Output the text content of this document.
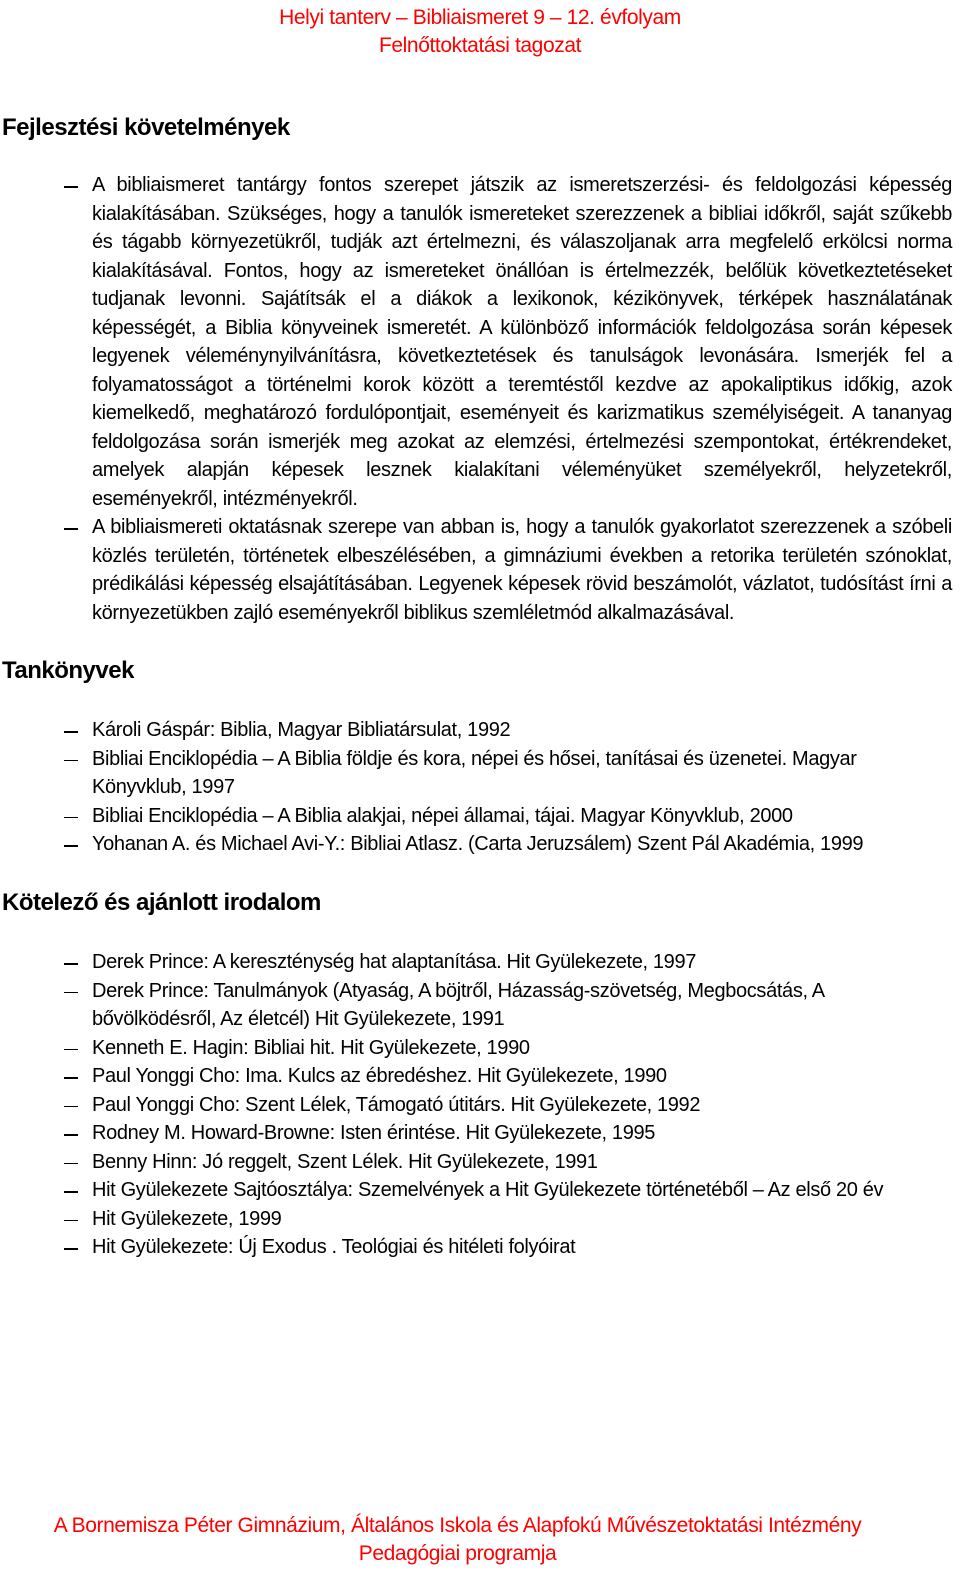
Helyi tanterv – Bibliaismeret 9 – 12. évfolyam
Felnőttoktatási tagozat
Fejlesztési követelmények
A bibliaismeret tantárgy fontos szerepet játszik az ismeretszerzési- és feldolgozási képesség kialakításában. Szükséges, hogy a tanulók ismereteket szerezzenek a bibliai időkről, saját szűkebb és tágabb környezetükről, tudják azt értelmezni, és válaszoljanak arra megfelelő erkölcsi norma kialakításával. Fontos, hogy az ismereteket önállóan is értelmezzék, belőlük következtetéseket tudjanak levonni. Sajátítsák el a diákok a lexikonok, kézikönyvek, térképek használatának képességét, a Biblia könyveinek ismeretét. A különböző információk feldolgozása során képesek legyenek véleménynyilvánításra, következtetések és tanulságok levonására. Ismerjék fel a folyamatosságot a történelmi korok között a teremtéstől kezdve az apokaliptikus időkig, azok kiemelkedő, meghatározó fordulópontjait, eseményeit és karizmatikus személyiségeit. A tananyag feldolgozása során ismerjék meg azokat az elemzési, értelmezési szempontokat, értékrendeket, amelyek alapján képesek lesznek kialakítani véleményüket személyekről, helyzetekről, eseményekről, intézményekről.
A bibliaismereti oktatásnak szerepe van abban is, hogy a tanulók gyakorlatot szerezzenek a szóbeli közlés területén, történetek elbeszélésében, a gimnáziumi években a retorika területén szónoklat, prédikálási képesség elsajátításában. Legyenek képesek rövid beszámolót, vázlatot, tudósítást írni a környezetükben zajló eseményekről biblikus szemléletmód alkalmazásával.
Tankönyvek
Károli Gáspár: Biblia, Magyar Bibliatársulat, 1992
Bibliai Enciklopédia – A Biblia földje és kora, népei és hősei, tanításai és üzenetei. Magyar Könyvklub, 1997
Bibliai Enciklopédia – A Biblia alakjai, népei államai, tájai. Magyar Könyvklub, 2000
Yohanan A. és Michael Avi-Y.: Bibliai Atlasz. (Carta Jeruzsálem) Szent Pál Akadémia, 1999
Kötelező és ajánlott irodalom
Derek Prince: A kereszténység hat alaptanítása. Hit Gyülekezete, 1997
Derek Prince: Tanulmányok (Atyaság, A böjtről, Házasság-szövetség, Megbocsátás, A bővölködésről, Az életcél) Hit Gyülekezete, 1991
Kenneth E. Hagin: Bibliai hit. Hit Gyülekezete, 1990
Paul Yonggi Cho: Ima. Kulcs az ébredéshez. Hit Gyülekezete, 1990
Paul Yonggi Cho: Szent Lélek, Támogató útitárs. Hit Gyülekezete, 1992
Rodney M. Howard-Browne: Isten érintése. Hit Gyülekezete, 1995
Benny Hinn: Jó reggelt, Szent Lélek. Hit Gyülekezete, 1991
Hit Gyülekezete Sajtóosztálya: Szemelvények a Hit Gyülekezete történetéből – Az első 20 év
Hit Gyülekezete, 1999
Hit Gyülekezete: Új Exodus . Teológiai és hitéleti folyóirat
A Bornemisza Péter Gimnázium, Általános Iskola és Alapfokú Művészetoktatási Intézmény
Pedagógiai programja
